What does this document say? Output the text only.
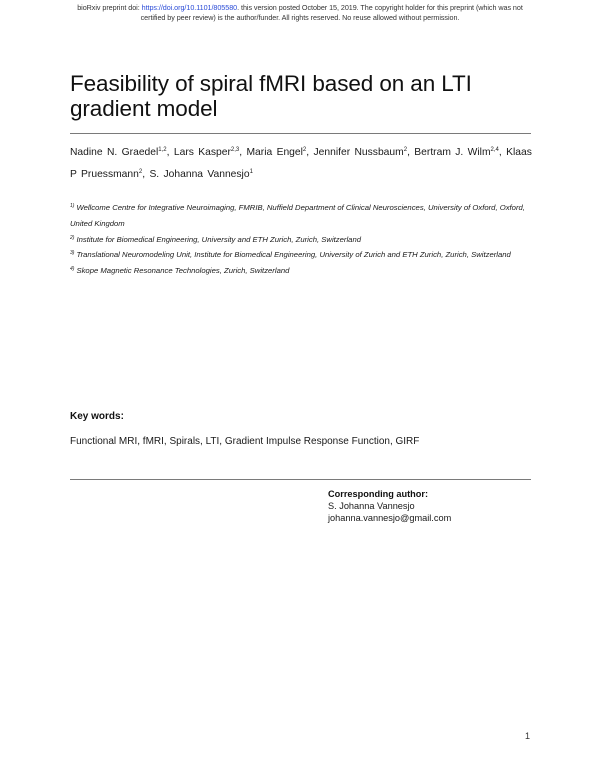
bioRxiv preprint doi: https://doi.org/10.1101/805580. this version posted October 15, 2019. The copyright holder for this preprint (which was not
certified by peer review) is the author/funder. All rights reserved. No reuse allowed without permission.
Feasibility of spiral fMRI based on an LTI
gradient model
Nadine N. Graedel$^{1,2}$, Lars Kasper$^{2,3}$, Maria Engel$^2$, Jennifer Nussbaum$^2$, Bertram J. Wilm$^{2,4}$, Klaas P Pruessmann$^2$, S. Johanna Vannesjo$^1$
$^{1)}$ Wellcome Centre for Integrative Neuroimaging, FMRIB, Nuffield Department of Clinical Neurosciences, University of Oxford, Oxford, United Kingdom
$^{2)}$ Institute for Biomedical Engineering, University and ETH Zurich, Zurich, Switzerland
$^{3)}$ Translational Neuromodeling Unit, Institute for Biomedical Engineering, University of Zurich and ETH Zurich, Zurich, Switzerland
$^{4)}$ Skope Magnetic Resonance Technologies, Zurich, Switzerland
Key words:
Functional MRI, fMRI, Spirals, LTI, Gradient Impulse Response Function, GIRF
Corresponding author:
S. Johanna Vannesjo
johanna.vannesjo@gmail.com
1
